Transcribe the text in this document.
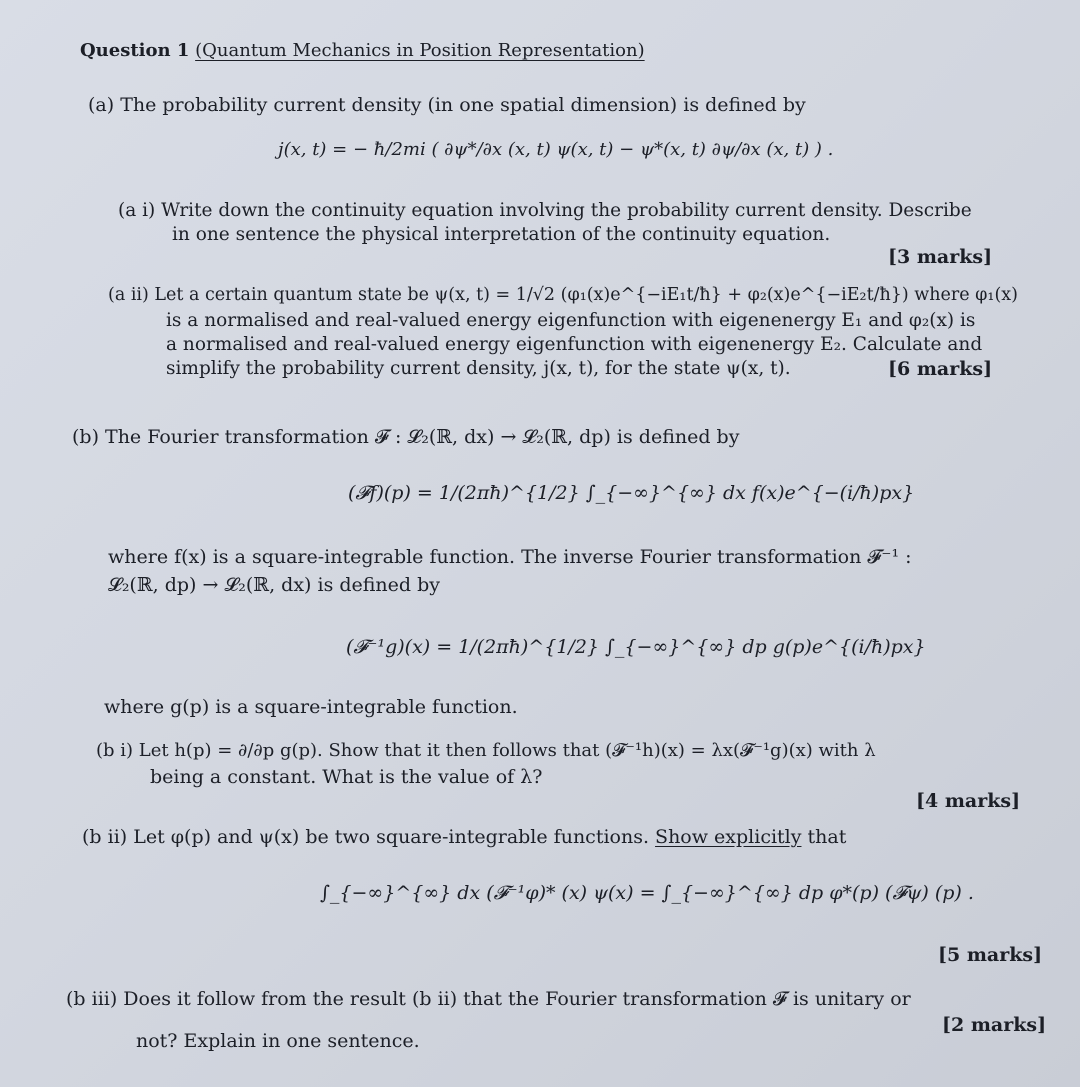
Question 1 (Quantum Mechanics in Position Representation)
(a) The probability current density (in one spatial dimension) is defined by
j(x, t) = − ħ/2mi ( ∂ψ*/∂x (x, t) ψ(x, t) − ψ*(x, t) ∂ψ/∂x (x, t) ) .
(a i) Write down the continuity equation involving the probability current density. Describe
in one sentence the physical interpretation of the continuity equation.
[3 marks]
(a ii) Let a certain quantum state be ψ(x, t) = 1/√2 (φ₁(x)e^{−iE₁t/ħ} + φ₂(x)e^{−iE₂t/ħ}) where φ₁(x)
is a normalised and real-valued energy eigenfunction with eigenenergy E₁ and φ₂(x) is
a normalised and real-valued energy eigenfunction with eigenenergy E₂. Calculate and
simplify the probability current density, j(x, t), for the state ψ(x, t).	[6 marks]
(b) The Fourier transformation 𝓕 : 𝓛₂(ℝ, dx) → 𝓛₂(ℝ, dp) is defined by
(𝓕f)(p) = 1/(2πħ)^{1/2} ∫_{−∞}^{∞} dx f(x)e^{−(i/ħ)px}
where f(x) is a square-integrable function. The inverse Fourier transformation 𝓕⁻¹ :
𝓛₂(ℝ, dp) → 𝓛₂(ℝ, dx) is defined by
(𝓕⁻¹g)(x) = 1/(2πħ)^{1/2} ∫_{−∞}^{∞} dp g(p)e^{(i/ħ)px}
where g(p) is a square-integrable function.
(b i) Let h(p) = ∂/∂p g(p). Show that it then follows that (𝓕⁻¹h)(x) = λx(𝓕⁻¹g)(x) with λ
being a constant. What is the value of λ?
[4 marks]
(b ii) Let φ(p) and ψ(x) be two square-integrable functions. Show explicitly that
∫_{−∞}^{∞} dx (𝓕⁻¹φ)* (x) ψ(x) = ∫_{−∞}^{∞} dp φ*(p) (𝓕ψ) (p) .
[5 marks]
(b iii) Does it follow from the result (b ii) that the Fourier transformation 𝓕 is unitary or
not? Explain in one sentence.
[2 marks]
